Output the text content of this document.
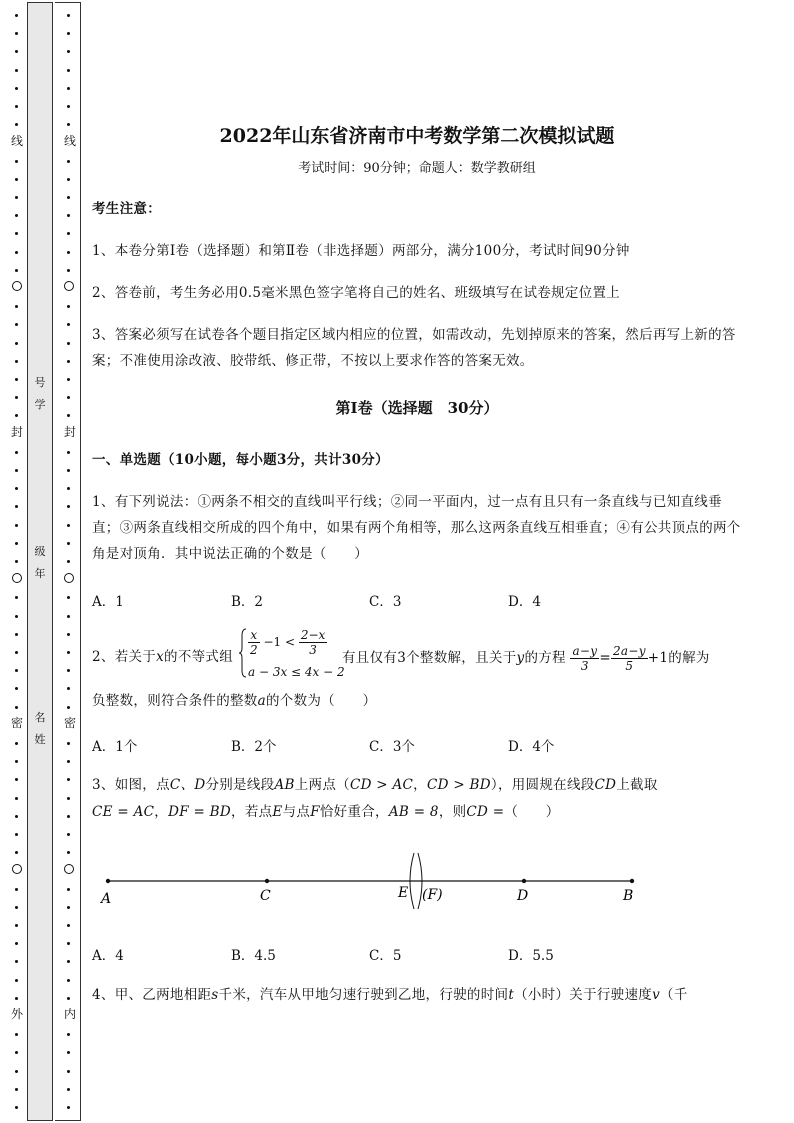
线
封
密
外
线
封
密
内
号
学
级
年
名
姓
2022年山东省济南市中考数学第二次模拟试题
考试时间：90分钟；命题人：数学教研组
考生注意：
1、本卷分第I卷（选择题）和第Ⅱ卷（非选择题）两部分，满分100分，考试时间90分钟
2、答卷前，考生务必用0.5毫米黑色签字笔将自己的姓名、班级填写在试卷规定位置上
3、答案必须写在试卷各个题目指定区域内相应的位置，如需改动，先划掉原来的答案，然后再写上新的答案；不准使用涂改液、胶带纸、修正带，不按以上要求作答的答案无效。
第I卷（选择题　30分）
一、单选题（10小题，每小题3分，共计30分）
1、有下列说法：①两条不相交的直线叫平行线；②同一平面内，过一点有且只有一条直线与已知直线垂直；③两条直线相交所成的四个角中，如果有两个角相等，那么这两条直线互相垂直；④有公共顶点的两个角是对顶角．其中说法正确的个数是（　　）
A．1	B．2	C．3	D．4
2、若关于x的不等式组	$\frac{x}{2} -1 < \frac{2-x}{3}$
a − 3x ≤ 4x − 2
有且仅有3个整数解，且关于y的方程 $\frac{a-y}{3} = \frac{2a-y}{5} +1$的解为
负整数，则符合条件的整数a的个数为（　　）
A．1个	B．2个	C．3个	D．4个
3、如图，点C、D分别是线段AB上两点（CD > AC，CD > BD），用圆规在线段CD上截取
CE = AC，DF = BD，若点E与点F恰好重合，AB = 8，则CD =（　　）
A	C	E (F)	D	B
A．4	B．4.5	C．5	D．5.5
4、甲、乙两地相距s千米，汽车从甲地匀速行驶到乙地，行驶的时间t（小时）关于行驶速度v（千
